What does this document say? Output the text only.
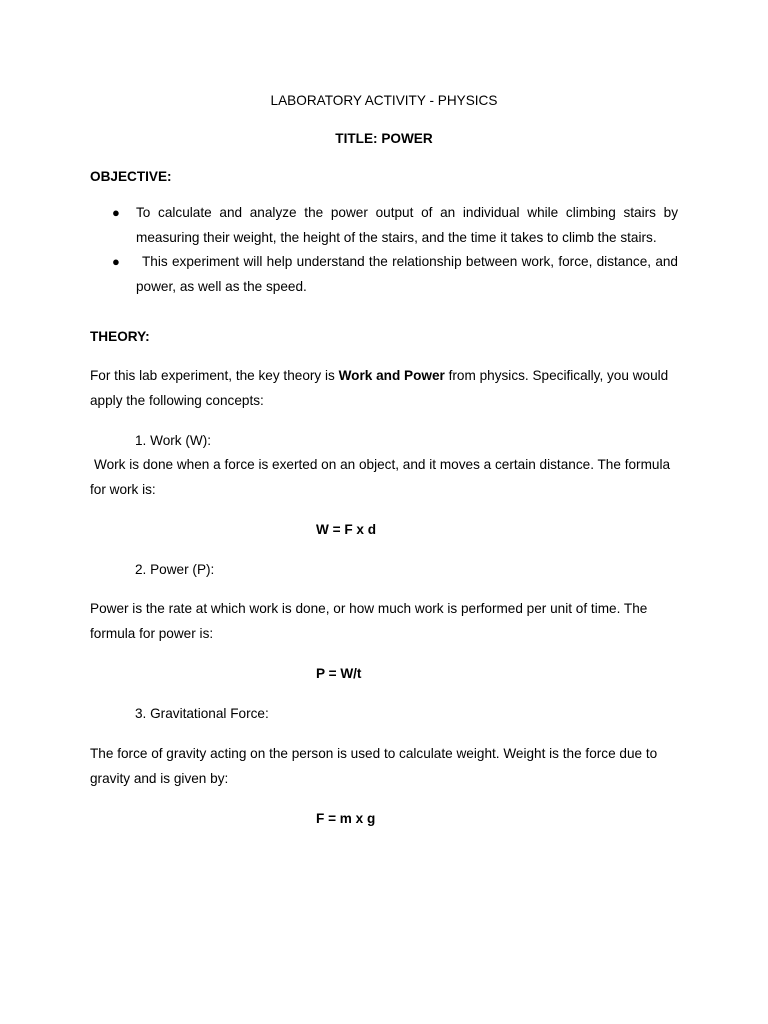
LABORATORY ACTIVITY - PHYSICS
TITLE: POWER
OBJECTIVE:
● To calculate and analyze the power output of an individual while climbing stairs by measuring their weight, the height of the stairs, and the time it takes to climb the stairs.
●	This experiment will help understand the relationship between work, force, distance, and power, as well as the speed.
THEORY:
For this lab experiment, the key theory is Work and Power from physics. Specifically, you would apply the following concepts:
1. Work (W):
Work is done when a force is exerted on an object, and it moves a certain distance. The formula for work is:
W = F x d
2. Power (P):
Power is the rate at which work is done, or how much work is performed per unit of time. The formula for power is:
P = W/t
3. Gravitational Force:
The force of gravity acting on the person is used to calculate weight. Weight is the force due to gravity and is given by:
F = m x g
